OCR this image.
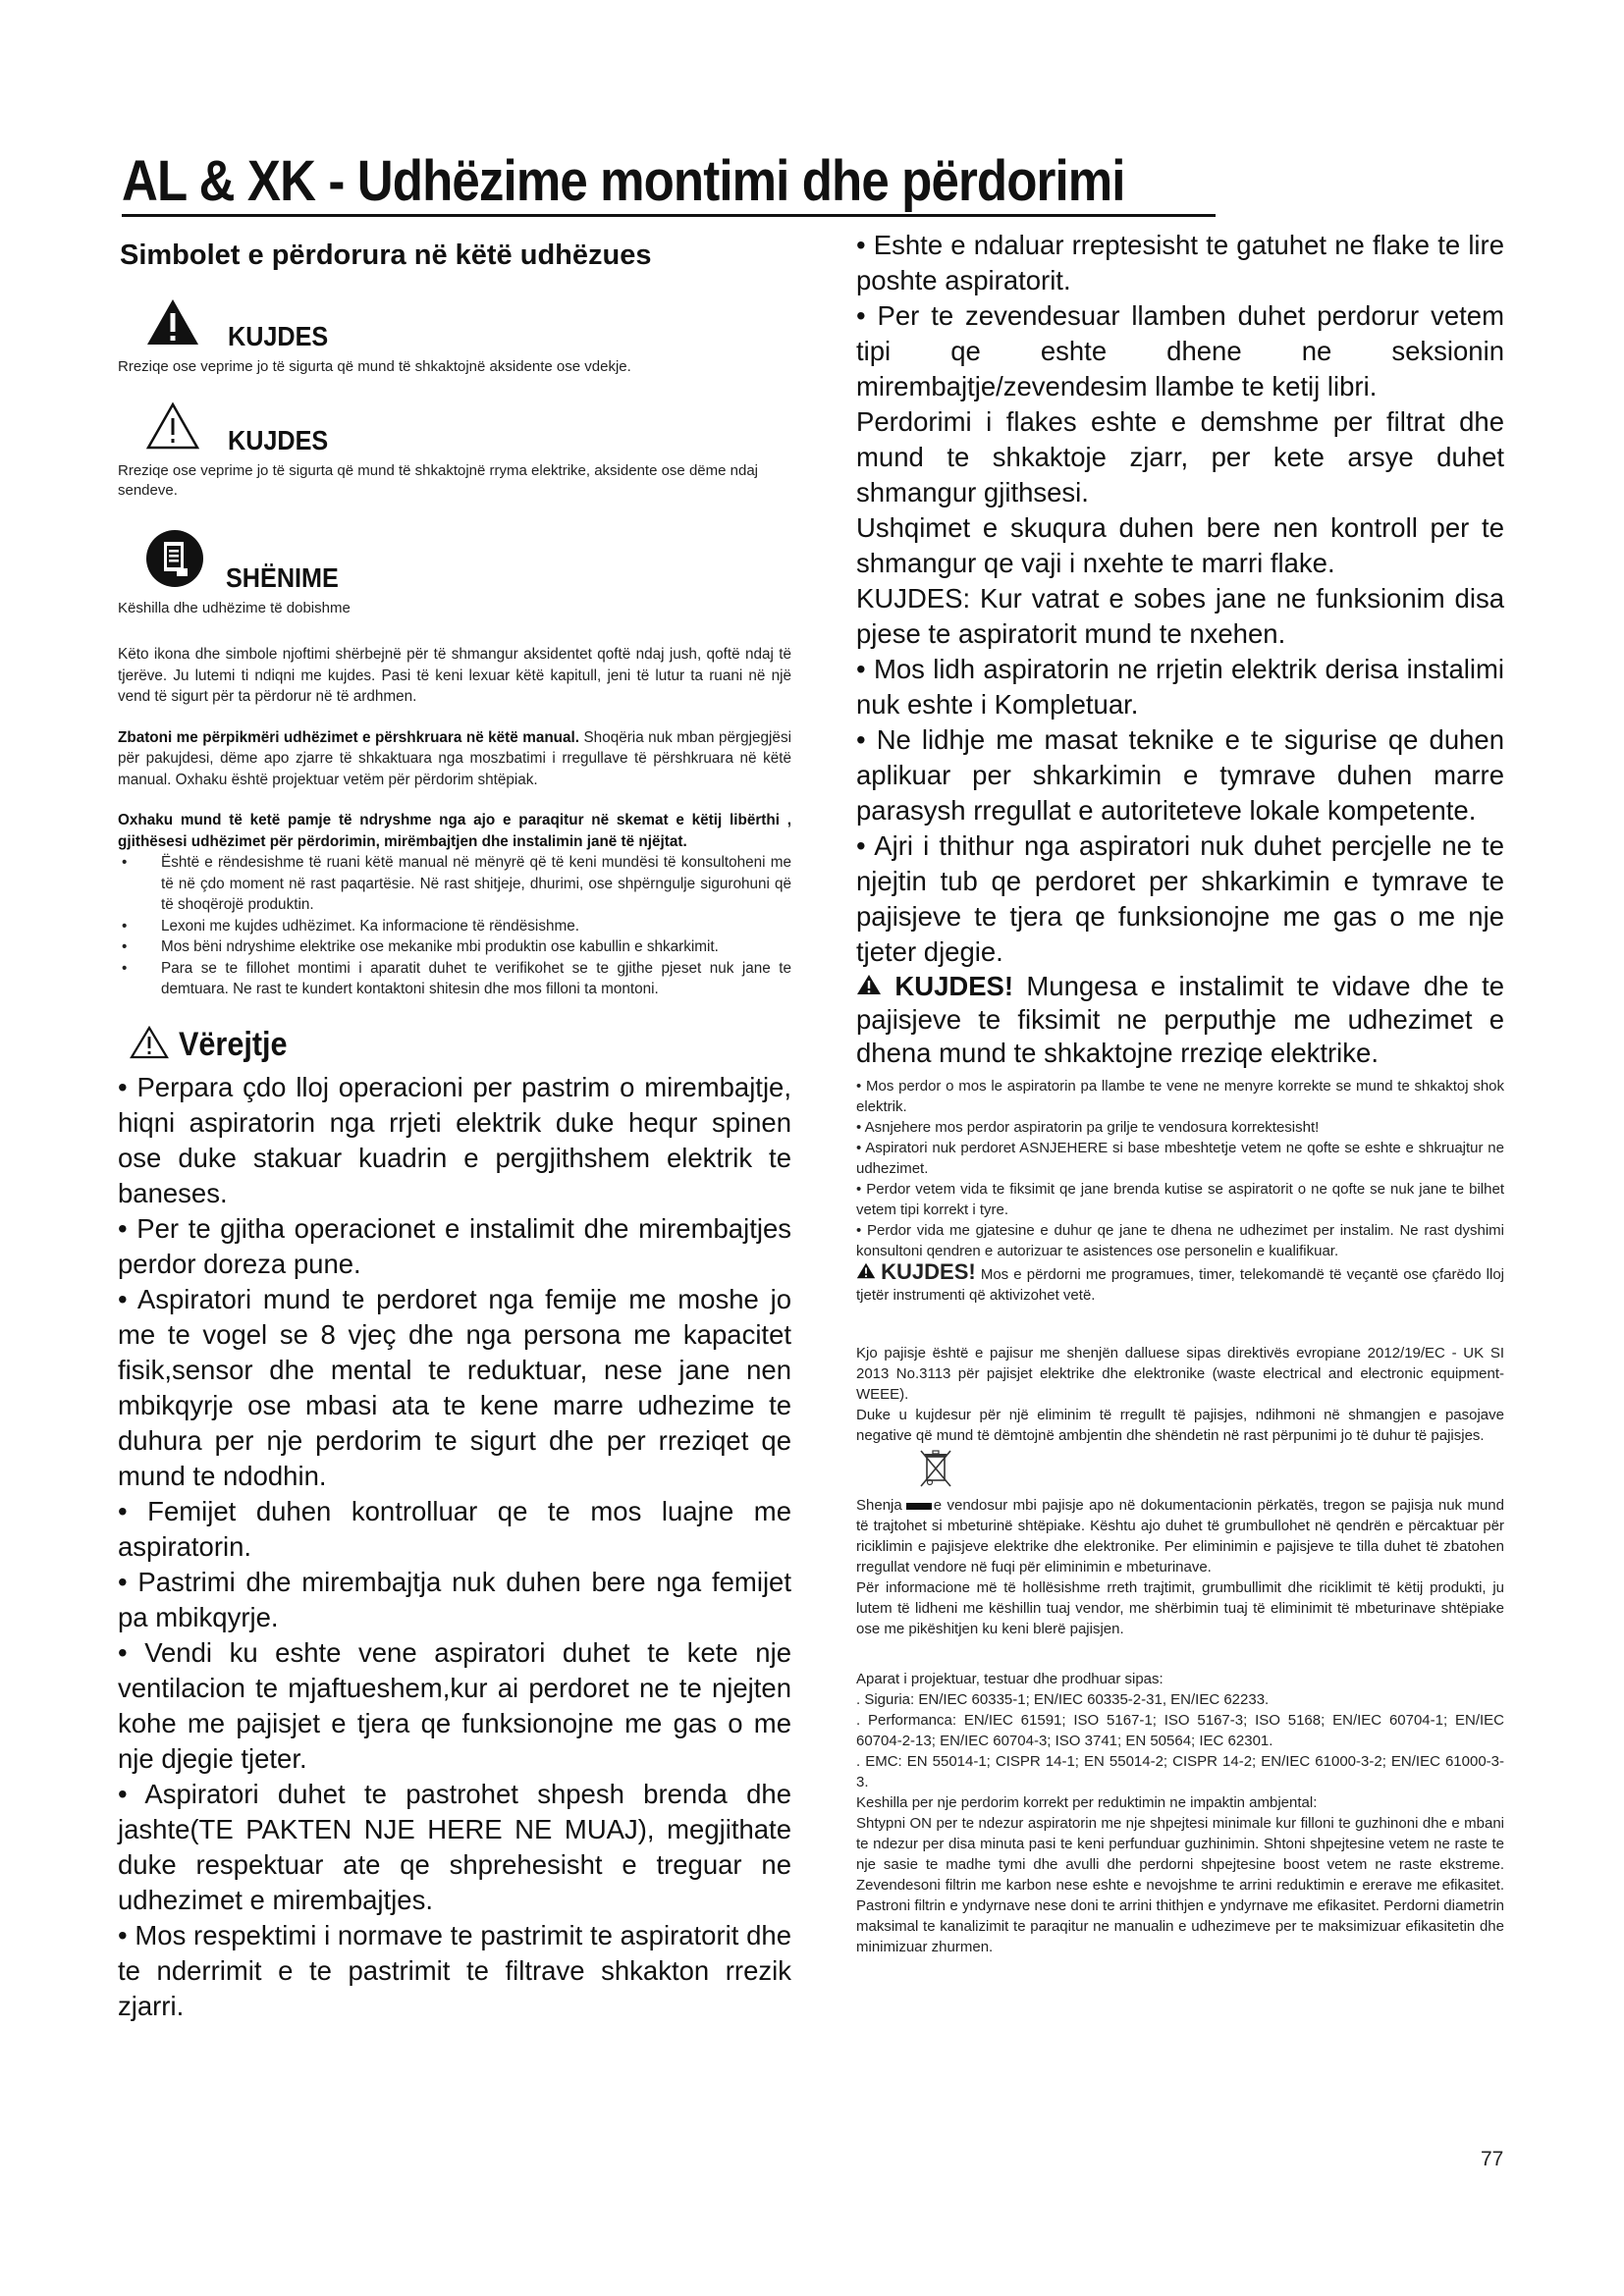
AL & XK - Udhëzime montimi dhe përdorimi
Simbolet e përdorura në këtë udhëzues
KUJDES

Rreziqe ose veprime jo të sigurta që mund të shkaktojnë aksidente ose vdekje.

KUJDES

Rreziqe ose veprime jo të sigurta që mund të shkaktojnë rryma elektrike, aksidente ose dëme ndaj sendeve.

SHËNIME

Këshilla dhe udhëzime të dobishme

Këto ikona dhe simbole njoftimi shërbejnë për të shmangur aksidentet qoftë ndaj jush, qoftë ndaj të tjerëve. Ju lutemi ti ndiqni me kujdes. Pasi të keni lexuar këtë kapitull, jeni të lutur ta ruani në një vend të sigurt për ta përdorur në të ardhmen.

Zbatoni me përpikmëri udhëzimet e përshkruara në këtë manual. Shoqëria nuk mban përgjegjësi për pakujdesi, dëme apo zjarre të shkaktuara nga moszbatimi i rregullave të përshkruara në këtë manual. Oxhaku është projektuar vetëm për përdorim shtëpiak.

Oxhaku mund të ketë pamje të ndryshme nga ajo e paraqitur në skemat e këtij libërthi , gjithësesi udhëzimet për përdorimin, mirëmbajtjen dhe instalimin janë të njëjtat.

• Është e rëndesishme të ruani këtë manual në mënyrë që të keni mundësi të konsultoheni me të në çdo moment në rast paqartësie. Në rast shitjeje, dhurimi, ose shpërngulje sigurohuni që të shoqërojë produktin.
• Lexoni me kujdes udhëzimet. Ka informacione të rëndësishme.
• Mos bëni ndryshime elektrike ose mekanike mbi produktin ose kabullin e shkarkimit.
• Para se te fillohet montimi i aparatit duhet te verifikohet se te gjithe pjeset nuk jane te demtuara. Ne rast te kundert kontaktoni shitesin dhe mos filloni ta montoni.
Vërejtje

• Perpara çdo lloj operacioni per pastrim o mirembajtje, hiqni aspiratorin nga rrjeti elektrik duke hequr spinen ose duke stakuar kuadrin e pergjithshem elektrik te baneses.

• Per te gjitha operacionet e instalimit dhe mirembajtjes perdor doreza pune.

• Aspiratori mund te perdoret nga femije me moshe jo me te vogel se 8 vjeç dhe nga persona me kapacitet fisik,sensor dhe mental te reduktuar, nese jane nen mbikqyrje ose mbasi ata te kene marre udhezime te duhura per nje perdorim te sigurt dhe per rreziqet qe mund te ndodhin.

• Femijet duhen kontrolluar qe te mos luajne me aspiratorin.

• Pastrimi dhe mirembajtja nuk duhen bere nga femijet pa mbikqyrje.

• Vendi ku eshte vene aspiratori duhet te kete nje ventilacion te mjaftueshem,kur ai perdoret ne te njejten kohe me pajisjet e tjera qe funksionojne me gas o me nje djegie tjeter.

• Aspiratori duhet te pastrohet shpesh brenda dhe jashte(TE PAKTEN NJE HERE NE MUAJ), megjithate duke respektuar ate qe shprehesisht e treguar ne udhezimet e mirembajtjes.

• Mos respektimi i normave te pastrimit te aspiratorit dhe te nderrimit e te pastrimit te filtrave shkakton rrezik zjarri.

• Eshte e ndaluar rreptesisht te gatuhet ne flake te lire poshte aspiratorit.

• Per te zevendesuar llamben duhet perdorur vetem tipi qe eshte dhene ne seksionin mirembajtje/zevendesim llambe te ketij libri.

Perdorimi i flakes eshte e demshme per filtrat dhe mund te shkaktoje zjarr, per kete arsye duhet shmangur gjithsesi.

Ushqimet e skuqura duhen bere nen kontroll per te shmangur qe vaji i nxehte te marri flake.

KUJDES: Kur vatrat e sobes jane ne funksionim disa pjese te aspiratorit mund te nxehen.

• Mos lidh aspiratorin ne rrjetin elektrik derisa instalimi nuk eshte i Kompletuar.

• Ne lidhje me masat teknike e te sigurise qe duhen aplikuar per shkarkimin e tymrave duhen marre parasysh rregullat e autoriteteve lokale kompetente.

• Ajri i thithur nga aspiratori nuk duhet percjelle ne te njejtin tub qe perdoret per shkarkimin e tymrave te pajisjeve te tjera qe funksionojne me gas o me nje tjeter djegie.

KUJDES! Mungesa e instalimit te vidave dhe te pajisjeve te fiksimit ne perputhje me udhezimet e dhena mund te shkaktojne rreziqe elektrike.

• Mos perdor o mos le aspiratorin pa llambe te vene ne menyre korrekte se mund te shkaktoj shok elektrik.

• Asnjehere mos perdor aspiratorin pa grilje te vendosura korrektesisht!

• Aspiratori nuk perdoret ASNJEHERE si base mbeshtetje vetem ne qofte se eshte e shkruajtur ne udhezimet.

• Perdor vetem vida te fiksimit qe jane brenda kutise se aspiratorit o ne qofte se nuk jane te bilhet vetem tipi korrekt i tyre.

• Perdor vida me gjatesine e duhur qe jane te dhena ne udhezimet per instalim. Ne rast dyshimi konsultoni qendren e autorizuar te asistences ose personelin e kualifikuar.

KUJDES! Mos e përdorni me programues, timer, telekomandë të veçantë ose çfarëdo lloj tjetër instrumenti që aktivizohet vetë.

Kjo pajisje është e pajisur me shenjën dalluese sipas direktivës evropiane 2012/19/EC - UK SI 2013 No.3113 për pajisjet elektrike dhe elektronike (waste electrical and electronic equipment- WEEE).

Duke u kujdesur për një eliminim të rregullt të pajisjes, ndihmoni në shmangjen e pasojave negative që mund të dëmtojnë ambjentin dhe shëndetin në rast përpunimi jo të duhur të pajisjes.

Shenja e vendosur mbi pajisje apo në dokumentacionin përkatës, tregon se pajisja nuk mund të trajtohet si mbeturinë shtëpiake. Kështu ajo duhet të grumbullohet në qendrën e përcaktuar për riciklimin e pajisjeve elektrike dhe elektronike. Per eliminimin e pajisjeve te tilla duhet të zbatohen rregullat vendore në fuqi për eliminimin e mbeturinave.

Për informacione më të hollësishme rreth trajtimit, grumbullimit dhe riciklimit të këtij produkti, ju lutem të lidheni me këshillin tuaj vendor, me shërbimin tuaj të eliminimit të mbeturinave shtëpiake ose me pikëshitjen ku keni blerë pajisjen.

Aparat i projektuar, testuar dhe prodhuar sipas:

. Siguria: EN/IEC 60335-1; EN/IEC 60335-2-31, EN/IEC 62233.

. Performanca: EN/IEC 61591; ISO 5167-1; ISO 5167-3; ISO 5168; EN/IEC 60704-1; EN/IEC 60704-2-13; EN/IEC 60704-3; ISO 3741; EN 50564; IEC 62301.

. EMC: EN 55014-1; CISPR 14-1; EN 55014-2; CISPR 14-2; EN/IEC 61000-3-2; EN/IEC 61000-3-3.

Keshilla per nje perdorim korrekt per reduktimin ne impaktin ambjental:

Shtypni ON per te ndezur aspiratorin me nje shpejtesi minimale kur filloni te guzhinoni dhe e mbani te ndezur per disa minuta pasi te keni perfunduar guzhinimin. Shtoni shpejtesine vetem ne raste te nje sasie te madhe tymi dhe avulli dhe perdorni shpejtesine boost vetem ne raste ekstreme. Zevendesoni filtrin me karbon nese eshte e nevojshme te arrini reduktimin e ererave me efikasitet. Pastroni filtrin e yndyrnave nese doni te arrini thithjen e yndyrnave me efikasitet. Perdorni diametrin maksimal te kanalizimit te paraqitur ne manualin e udhezimeve per te maksimizuar efikasitetin dhe minimizuar zhurmen.

77
